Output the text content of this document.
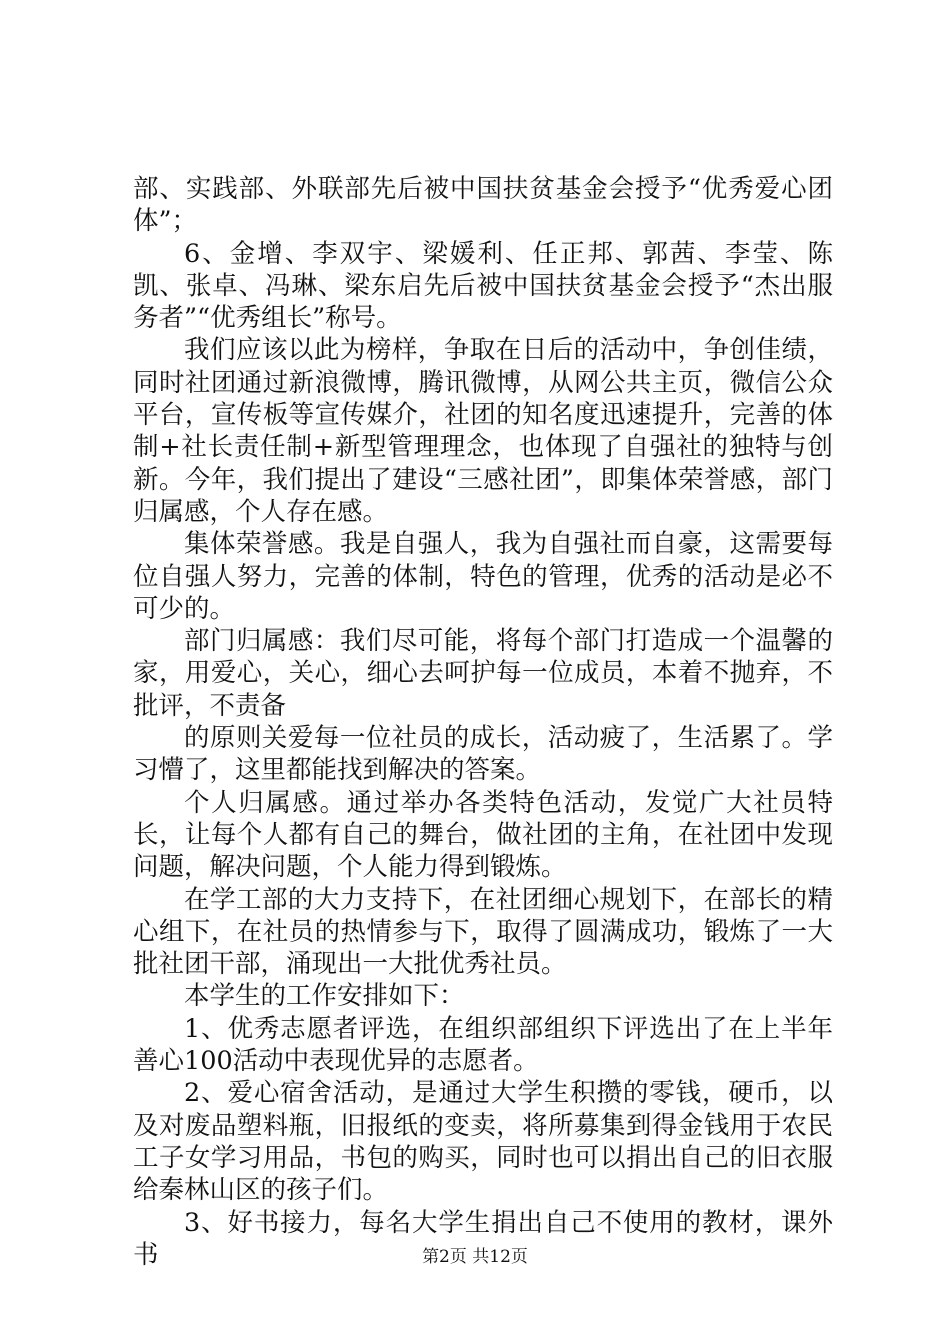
部、实践部、外联部先后被中国扶贫基金会授予“优秀爱心团体”；

6、金增、李双宇、梁媛利、任正邦、郭茜、李莹、陈凯、张卓、冯琳、梁东启先后被中国扶贫基金会授予“杰出服务者”“优秀组长”称号。

我们应该以此为榜样，争取在日后的活动中，争创佳绩，同时社团通过新浪微博，腾讯微博，从网公共主页，微信公众平台，宣传板等宣传媒介，社团的知名度迅速提升，完善的体制+社长责任制+新型管理理念，也体现了自强社的独特与创新。今年，我们提出了建设“三感社团”，即集体荣誉感，部门归属感，个人存在感。

集体荣誉感。我是自强人，我为自强社而自豪，这需要每位自强人努力，完善的体制，特色的管理，优秀的活动是必不可少的。

部门归属感：我们尽可能，将每个部门打造成一个温馨的家，用爱心，关心，细心去呵护每一位成员，本着不抛弃，不批评，不责备

的原则关爱每一位社员的成长，活动疲了，生活累了。学习懵了，这里都能找到解决的答案。

个人归属感。通过举办各类特色活动，发觉广大社员特长，让每个人都有自己的舞台，做社团的主角，在社团中发现问题，解决问题，个人能力得到锻炼。

在学工部的大力支持下，在社团细心规划下，在部长的精心组下，在社员的热情参与下，取得了圆满成功，锻炼了一大批社团干部，涌现出一大批优秀社员。

本学生的工作安排如下：

1、优秀志愿者评选，在组织部组织下评选出了在上半年善心100活动中表现优异的志愿者。

2、爱心宿舍活动，是通过大学生积攒的零钱，硬币，以及对废品塑料瓶，旧报纸的变卖，将所募集到得金钱用于农民工子女学习用品，书包的购买，同时也可以捐出自己的旧衣服给秦林山区的孩子们。

3、好书接力，每名大学生捐出自己不使用的教材，课外书	第2页 共12页
